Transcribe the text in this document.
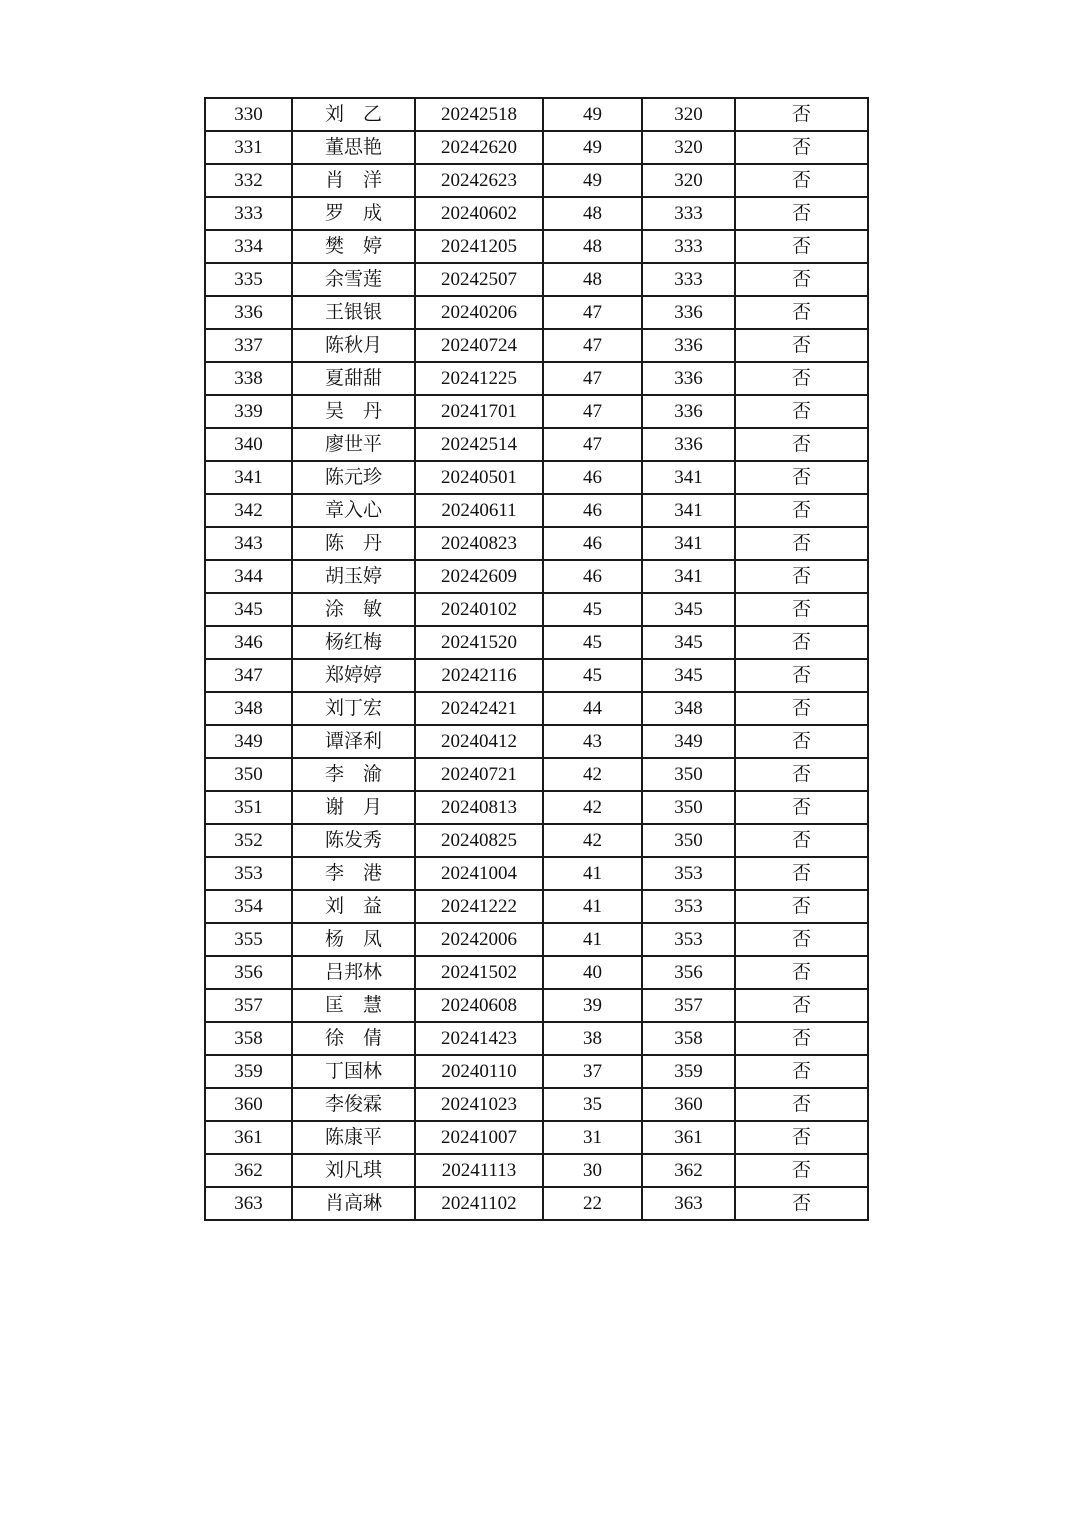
330	刘　乙	20242518	49	320	否
331	董思艳	20242620	49	320	否
332	肖　洋	20242623	49	320	否
333	罗　成	20240602	48	333	否
334	樊　婷	20241205	48	333	否
335	余雪莲	20242507	48	333	否
336	王银银	20240206	47	336	否
337	陈秋月	20240724	47	336	否
338	夏甜甜	20241225	47	336	否
339	吴　丹	20241701	47	336	否
340	廖世平	20242514	47	336	否
341	陈元珍	20240501	46	341	否
342	章入心	20240611	46	341	否
343	陈　丹	20240823	46	341	否
344	胡玉婷	20242609	46	341	否
345	涂　敏	20240102	45	345	否
346	杨红梅	20241520	45	345	否
347	郑婷婷	20242116	45	345	否
348	刘丁宏	20242421	44	348	否
349	谭泽利	20240412	43	349	否
350	李　渝	20240721	42	350	否
351	谢　月	20240813	42	350	否
352	陈发秀	20240825	42	350	否
353	李　港	20241004	41	353	否
354	刘　益	20241222	41	353	否
355	杨　凤	20242006	41	353	否
356	吕邦林	20241502	40	356	否
357	匡　慧	20240608	39	357	否
358	徐　倩	20241423	38	358	否
359	丁国林	20240110	37	359	否
360	李俊霖	20241023	35	360	否
361	陈康平	20241007	31	361	否
362	刘凡琪	20241113	30	362	否
363	肖高琳	20241102	22	363	否
